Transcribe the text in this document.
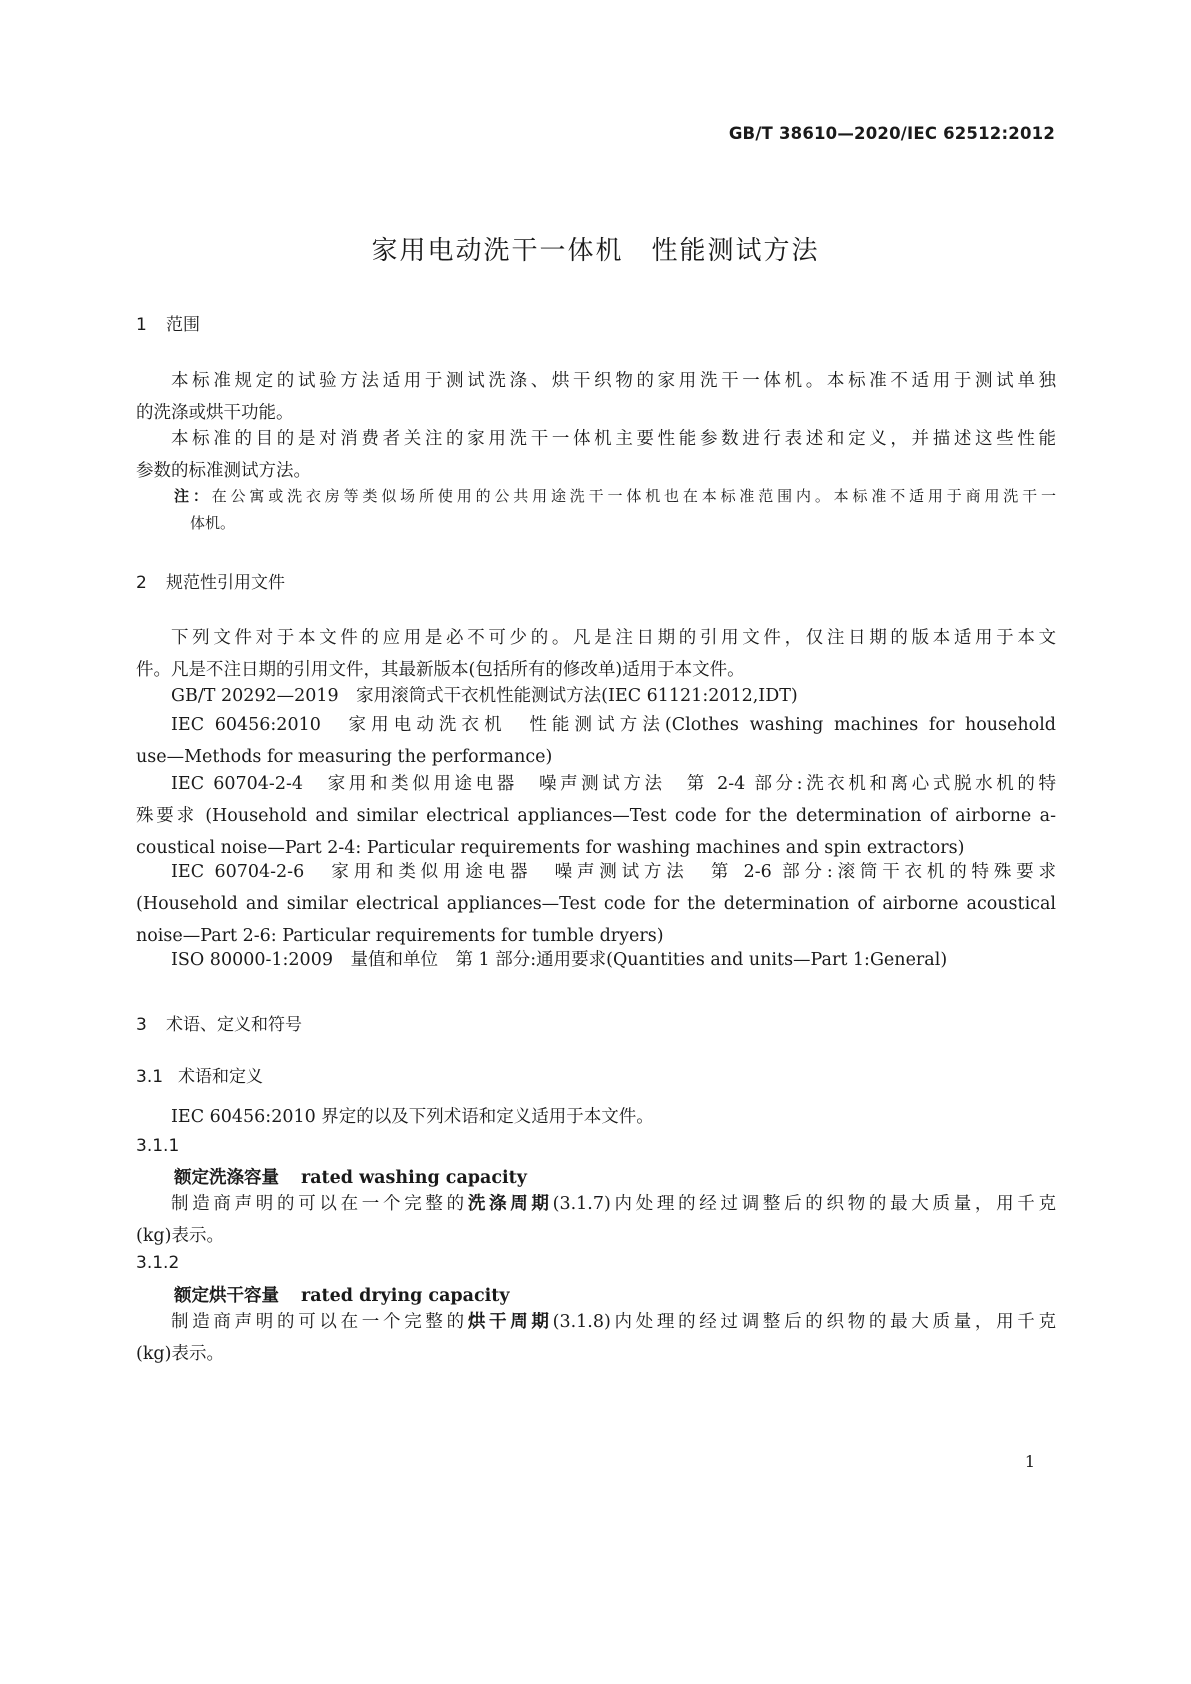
GB/T 38610—2020/IEC 62512:2012
家用电动洗干一体机　性能测试方法
1 范围
本标准规定的试验方法适用于测试洗涤、烘干织物的家用洗干一体机。本标准不适用于测试单独
的洗涤或烘干功能。
本标准的目的是对消费者关注的家用洗干一体机主要性能参数进行表述和定义，并描述这些性能
参数的标准测试方法。
注：在公寓或洗衣房等类似场所使用的公共用途洗干一体机也在本标准范围内。本标准不适用于商用洗干一
体机。
2 规范性引用文件
下列文件对于本文件的应用是必不可少的。凡是注日期的引用文件，仅注日期的版本适用于本文
件。凡是不注日期的引用文件，其最新版本(包括所有的修改单)适用于本文件。
GB/T 20292—2019　家用滚筒式干衣机性能测试方法(IEC 61121:2012,IDT)
IEC 60456:2010　家用电动洗衣机　性能测试方法(Clothes washing machines for household
use—Methods for measuring the performance)
IEC 60704-2-4　家用和类似用途电器　噪声测试方法　第 2-4 部分:洗衣机和离心式脱水机的特
殊要求 (Household and similar electrical appliances—Test code for the determination of airborne a-
coustical noise—Part 2-4: Particular requirements for washing machines and spin extractors)
IEC 60704-2-6　家用和类似用途电器　噪声测试方法　第 2-6 部分:滚筒干衣机的特殊要求
(Household and similar electrical appliances—Test code for the determination of airborne acoustical
noise—Part 2-6: Particular requirements for tumble dryers)
ISO 80000-1:2009　量值和单位　第 1 部分:通用要求(Quantities and units—Part 1:General)
3 术语、定义和符号
3.1 术语和定义
IEC 60456:2010 界定的以及下列术语和定义适用于本文件。
3.1.1
额定洗涤容量 rated washing capacity
制造商声明的可以在一个完整的洗涤周期(3.1.7)内处理的经过调整后的织物的最大质量，用千克
(kg)表示。
3.1.2
额定烘干容量 rated drying capacity
制造商声明的可以在一个完整的烘干周期(3.1.8)内处理的经过调整后的织物的最大质量，用千克
(kg)表示。
1
